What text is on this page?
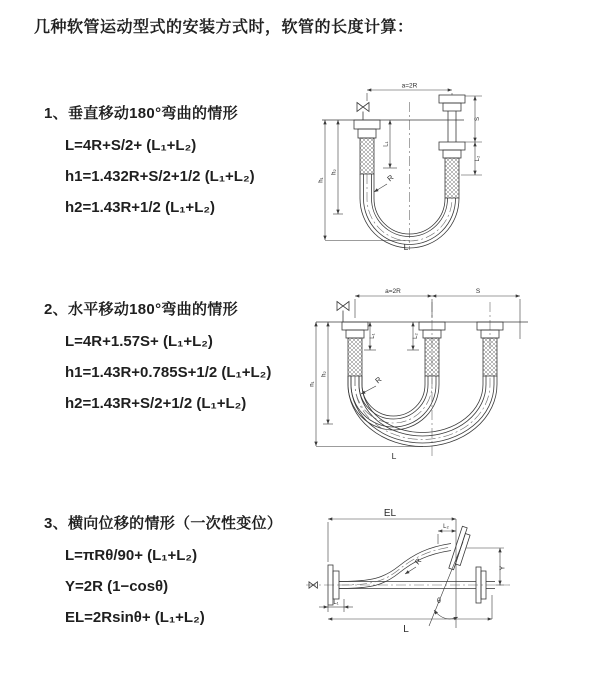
几种软管运动型式的安装方式时，软管的长度计算：
1、垂直移动180°弯曲的情形
L=4R+S/2+ (L₁+L₂)
h1=1.432R+S/2+1/2 (L₁+L₂)
h2=1.43R+1/2 (L₁+L₂)
2、水平移动180°弯曲的情形
L=4R+1.57S+ (L₁+L₂)
h1=1.43R+0.785S+1/2 (L₁+L₂)
h2=1.43R+S/2+1/2 (L₁+L₂)
3、横向位移的情形（一次性变位）
L=πRθ/90+ (L₁+L₂)
Y=2R (1−cosθ)
EL=2Rsinθ+ (L₁+L₂)
a=2R
h₁
h₂
L₁
S
L₂
R
L
a=2R	S
h₁
h₂
L₁	L₂
R
L
EL
L₂
Y
R
θ
L₁
L
